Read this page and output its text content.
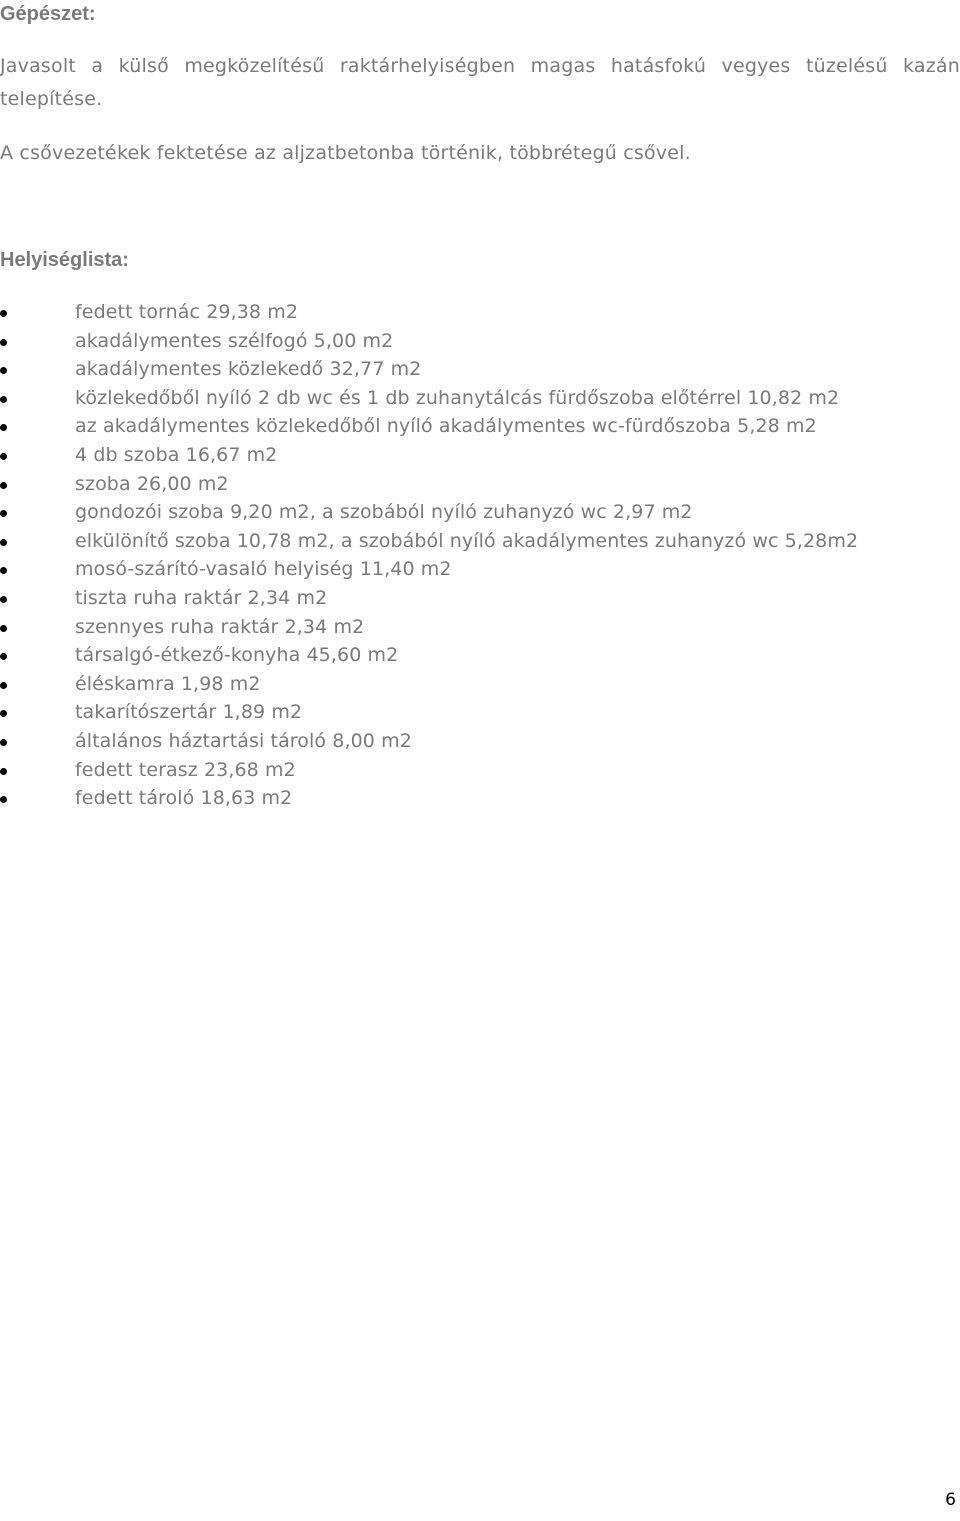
Gépészet:

Javasolt a külső megközelítésű raktárhelyiségben magas hatásfokú vegyes tüzelésű kazán telepítése.

A csővezetékek fektetése az aljzatbetonba történik, többrétegű csővel.

Helyiséglista:
fedett tornác 29,38 m2
akadálymentes szélfogó 5,00 m2
akadálymentes közlekedő 32,77 m2
közlekedőből nyíló 2 db wc és 1 db zuhanytálcás fürdőszoba előtérrel 10,82 m2
az akadálymentes közlekedőből nyíló akadálymentes wc-fürdőszoba 5,28 m2
4 db szoba 16,67 m2
szoba 26,00 m2
gondozói szoba 9,20 m2, a szobából nyíló zuhanyzó wc 2,97 m2
elkülönítő szoba 10,78 m2, a szobából nyíló akadálymentes zuhanyzó wc 5,28m2
mosó-szárító-vasaló helyiség 11,40 m2
tiszta ruha raktár 2,34 m2
szennyes ruha raktár 2,34 m2
társalgó-étkező-konyha 45,60 m2
éléskamra 1,98 m2
takarítószertár 1,89 m2
általános háztartási tároló 8,00 m2
fedett terasz 23,68 m2
fedett tároló 18,63 m2

6
